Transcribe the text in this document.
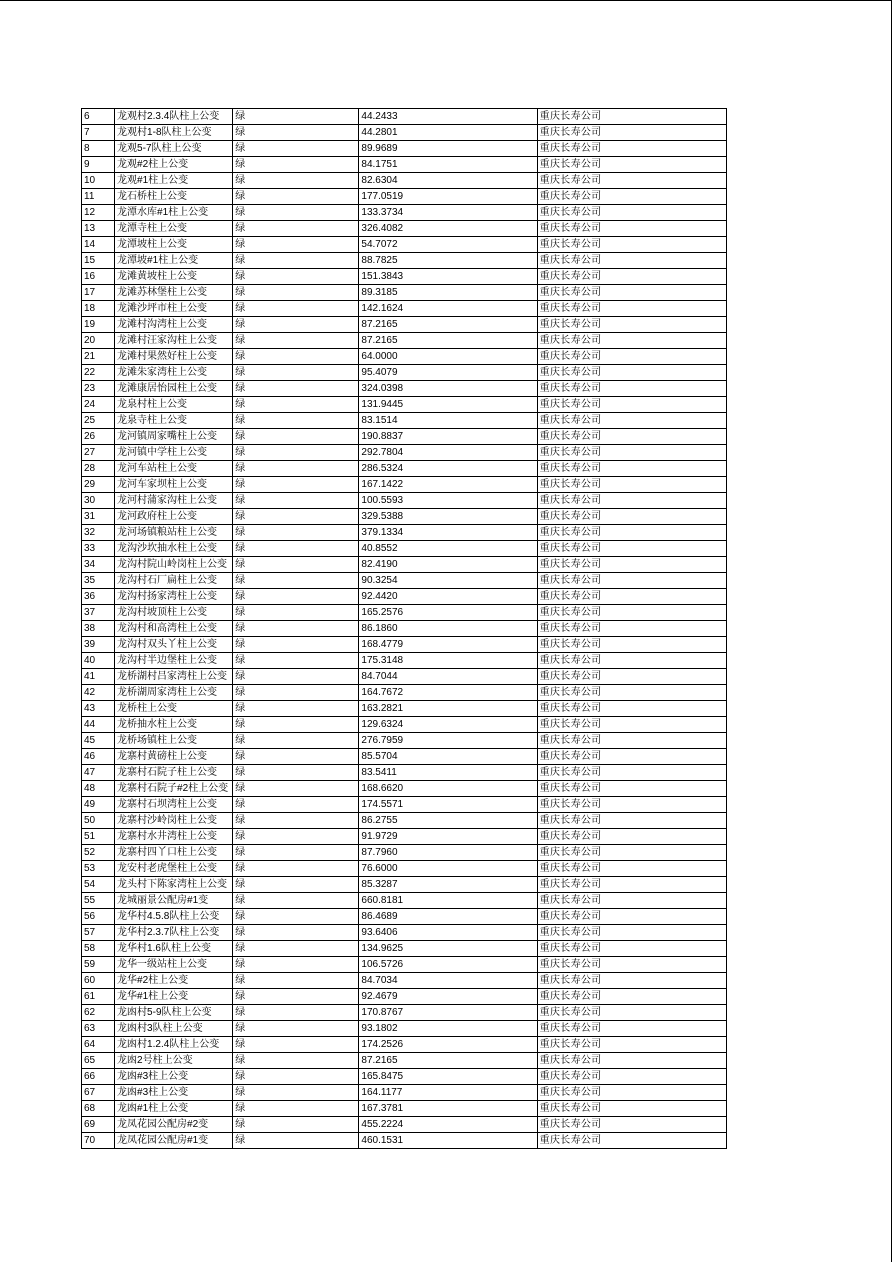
6	龙观村2.3.4队柱上公变	绿	44.2433	重庆长寿公司
7	龙观村1-8队柱上公变	绿	44.2801	重庆长寿公司
8	龙观5-7队柱上公变	绿	89.9689	重庆长寿公司
9	龙观#2柱上公变	绿	84.1751	重庆长寿公司
10	龙观#1柱上公变	绿	82.6304	重庆长寿公司
11	龙石桥柱上公变	绿	177.0519	重庆长寿公司
12	龙潭水库#1柱上公变	绿	133.3734	重庆长寿公司
13	龙潭寺柱上公变	绿	326.4082	重庆长寿公司
14	龙潭坡柱上公变	绿	54.7072	重庆长寿公司
15	龙潭坡#1柱上公变	绿	88.7825	重庆长寿公司
16	龙滩黄坡柱上公变	绿	151.3843	重庆长寿公司
17	龙滩苏林堡柱上公变	绿	89.3185	重庆长寿公司
18	龙滩沙坪市柱上公变	绿	142.1624	重庆长寿公司
19	龙滩村沟湾柱上公变	绿	87.2165	重庆长寿公司
20	龙滩村汪家沟柱上公变	绿	87.2165	重庆长寿公司
21	龙滩村果然好柱上公变	绿	64.0000	重庆长寿公司
22	龙滩朱家湾柱上公变	绿	95.4079	重庆长寿公司
23	龙滩康居怡园柱上公变	绿	324.0398	重庆长寿公司
24	龙泉村柱上公变	绿	131.9445	重庆长寿公司
25	龙泉寺柱上公变	绿	83.1514	重庆长寿公司
26	龙河镇周家嘴柱上公变	绿	190.8837	重庆长寿公司
27	龙河镇中学柱上公变	绿	292.7804	重庆长寿公司
28	龙河车站柱上公变	绿	286.5324	重庆长寿公司
29	龙河车家坝柱上公变	绿	167.1422	重庆长寿公司
30	龙河村蒲家沟柱上公变	绿	100.5593	重庆长寿公司
31	龙河政府柱上公变	绿	329.5388	重庆长寿公司
32	龙河场镇粮站柱上公变	绿	379.1334	重庆长寿公司
33	龙沟沙坎抽水柱上公变	绿	40.8552	重庆长寿公司
34	龙沟村院山岭岗柱上公变	绿	82.4190	重庆长寿公司
35	龙沟村石厂扁柱上公变	绿	90.3254	重庆长寿公司
36	龙沟村扬家湾柱上公变	绿	92.4420	重庆长寿公司
37	龙沟村坡顶柱上公变	绿	165.2576	重庆长寿公司
38	龙沟村和高湾柱上公变	绿	86.1860	重庆长寿公司
39	龙沟村双头丫柱上公变	绿	168.4779	重庆长寿公司
40	龙沟村半边堡柱上公变	绿	175.3148	重庆长寿公司
41	龙桥湖村吕家湾柱上公变	绿	84.7044	重庆长寿公司
42	龙桥湖周家湾柱上公变	绿	164.7672	重庆长寿公司
43	龙桥柱上公变	绿	163.2821	重庆长寿公司
44	龙桥抽水柱上公变	绿	129.6324	重庆长寿公司
45	龙桥场镇柱上公变	绿	276.7959	重庆长寿公司
46	龙寨村黄磅柱上公变	绿	85.5704	重庆长寿公司
47	龙寨村石院子柱上公变	绿	83.5411	重庆长寿公司
48	龙寨村石院子#2柱上公变	绿	168.6620	重庆长寿公司
49	龙寨村石坝湾柱上公变	绿	174.5571	重庆长寿公司
50	龙寨村沙岭岗柱上公变	绿	86.2755	重庆长寿公司
51	龙寨村水井湾柱上公变	绿	91.9729	重庆长寿公司
52	龙寨村四丫口柱上公变	绿	87.7960	重庆长寿公司
53	龙安村老虎堡柱上公变	绿	76.6000	重庆长寿公司
54	龙头村下陈家湾柱上公变	绿	85.3287	重庆长寿公司
55	龙城丽景公配房#1变	绿	660.8181	重庆长寿公司
56	龙华村4.5.8队柱上公变	绿	86.4689	重庆长寿公司
57	龙华村2.3.7队柱上公变	绿	93.6406	重庆长寿公司
58	龙华村1.6队柱上公变	绿	134.9625	重庆长寿公司
59	龙华一级站柱上公变	绿	106.5726	重庆长寿公司
60	龙华#2柱上公变	绿	84.7034	重庆长寿公司
61	龙华#1柱上公变	绿	92.4679	重庆长寿公司
62	龙凼村5-9队柱上公变	绿	170.8767	重庆长寿公司
63	龙凼村3队柱上公变	绿	93.1802	重庆长寿公司
64	龙凼村1.2.4队柱上公变	绿	174.2526	重庆长寿公司
65	龙凼2号柱上公变	绿	87.2165	重庆长寿公司
66	龙凼#3柱上公变	绿	165.8475	重庆长寿公司
67	龙凼#3柱上公变	绿	164.1177	重庆长寿公司
68	龙凼#1柱上公变	绿	167.3781	重庆长寿公司
69	龙凤花园公配房#2变	绿	455.2224	重庆长寿公司
70	龙凤花园公配房#1变	绿	460.1531	重庆长寿公司
